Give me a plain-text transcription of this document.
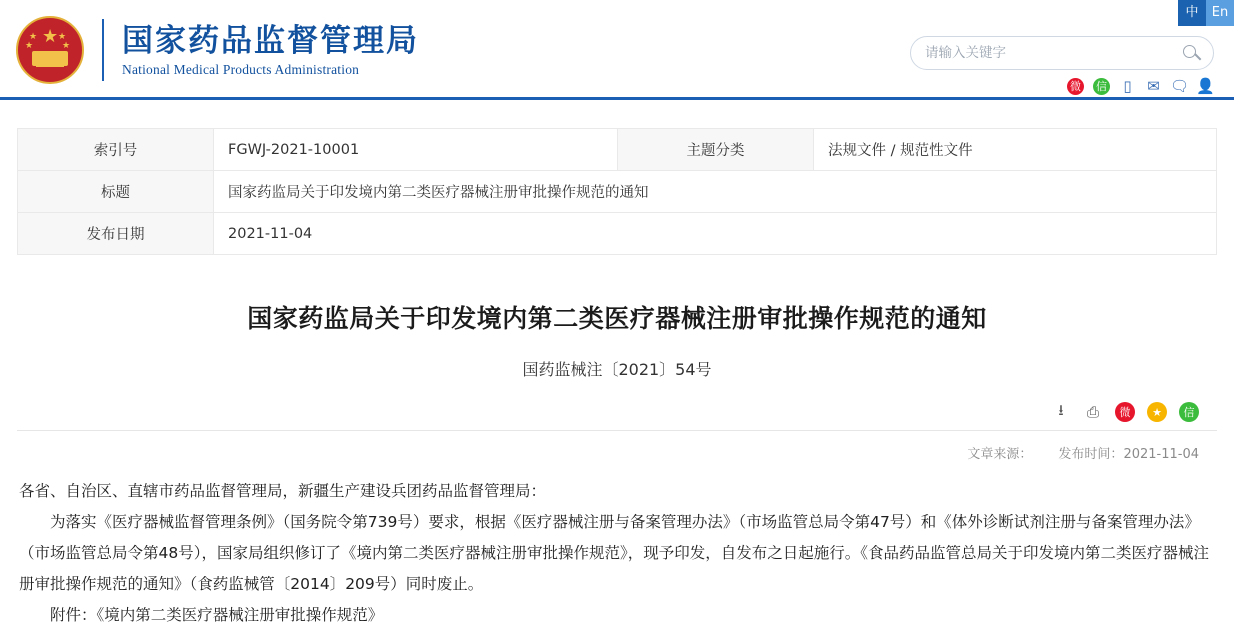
★
★
★
★
★ 国家药品监督管理局
National Medical Products Administration
中	En
请输入关键字
微 信 ▯ ✉ 🗨 👤
索引号	FGWJ-2021-10001	主题分类	法规文件 / 规范性文件
标题	国家药监局关于印发境内第二类医疗器械注册审批操作规范的通知		
发布日期	2021-11-04		
国家药监局关于印发境内第二类医疗器械注册审批操作规范的通知
国药监械注〔2021〕54号
⭳	⎙	微	★	信
文章来源： 发布时间：2021-11-04

各省、自治区、直辖市药品监督管理局，新疆生产建设兵团药品监督管理局：

为落实《医疗器械监督管理条例》（国务院令第739号）要求，根据《医疗器械注册与备案管理办法》（市场监管总局令第47号）和《体外诊断试剂注册与备案管理办法》（市场监管总局令第48号），国家局组织修订了《境内第二类医疗器械注册审批操作规范》，现予印发，自发布之日起施行。《食品药品监管总局关于印发境内第二类医疗器械注册审批操作规范的通知》（食药监械管〔2014〕209号）同时废止。

附件：《境内第二类医疗器械注册审批操作规范》
